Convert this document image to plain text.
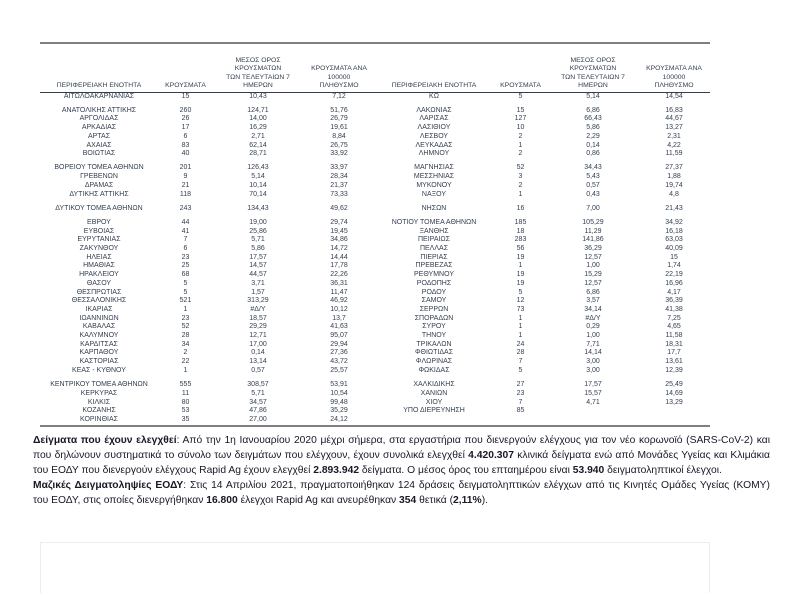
ΠΕΡΙΦΕΡΕΙΑΚΗ ΕΝΟΤΗΤΑ	ΚΡΟΥΣΜΑΤΑ	ΜΕΣΟΣ ΟΡΟΣ ΚΡΟΥΣΜΑΤΩΝ
ΤΩΝ ΤΕΛΕΥΤΑΙΩΝ 7
ΗΜΕΡΩΝ	ΚΡΟΥΣΜΑΤΑ ΑΝΑ 100000
ΠΛΗΘΥΣΜΟ	ΠΕΡΙΦΕΡΕΙΑΚΗ ΕΝΟΤΗΤΑ	ΚΡΟΥΣΜΑΤΑ	ΜΕΣΟΣ ΟΡΟΣ ΚΡΟΥΣΜΑΤΩΝ
ΤΩΝ ΤΕΛΕΥΤΑΙΩΝ 7
ΗΜΕΡΩΝ	ΚΡΟΥΣΜΑΤΑ ΑΝΑ 100000
ΠΛΗΘΥΣΜΟ
ΑΙΤΩΛΟΑΚΑΡΝΑΝΙΑΣ	15	10,43	7,12	ΚΩ	5	5,14	14,54

ΑΝΑΤΟΛΙΚΗΣ ΑΤΤΙΚΗΣ	260	124,71	51,76	ΛΑΚΩΝΙΑΣ	15	6,86	16,83
ΑΡΓΟΛΙΔΑΣ	26	14,00	26,79	ΛΑΡΙΣΑΣ	127	66,43	44,67
ΑΡΚΑΔΙΑΣ	17	16,29	19,61	ΛΑΣΙΘΙΟΥ	10	5,86	13,27
ΑΡΤΑΣ	6	2,71	8,84	ΛΕΣΒΟΥ	2	2,29	2,31
ΑΧΑΪΑΣ	83	62,14	26,75	ΛΕΥΚΑΔΑΣ	1	0,14	4,22
ΒΟΙΩΤΙΑΣ	40	28,71	33,92	ΛΗΜΝΟΥ	2	0,86	11,59

ΒΟΡΕΙΟΥ ΤΟΜΕΑ ΑΘΗΝΩΝ	201	126,43	33,97	ΜΑΓΝΗΣΙΑΣ	52	34,43	27,37
ΓΡΕΒΕΝΩΝ	9	5,14	28,34	ΜΕΣΣΗΝΙΑΣ	3	5,43	1,88
ΔΡΑΜΑΣ	21	10,14	21,37	ΜΥΚΟΝΟΥ	2	0,57	19,74
ΔΥΤΙΚΗΣ ΑΤΤΙΚΗΣ	118	70,14	73,33	ΝΑΞΟΥ	1	0,43	4,8

ΔΥΤΙΚΟΥ ΤΟΜΕΑ ΑΘΗΝΩΝ	243	134,43	49,62	ΝΗΣΩΝ	16	7,00	21,43

ΕΒΡΟΥ	44	19,00	29,74	ΝΟΤΙΟΥ ΤΟΜΕΑ ΑΘΗΝΩΝ	185	105,29	34,92
ΕΥΒΟΙΑΣ	41	25,86	19,45	ΞΑΝΘΗΣ	18	11,29	16,18
ΕΥΡΥΤΑΝΙΑΣ	7	5,71	34,86	ΠΕΙΡΑΙΩΣ	283	141,86	63,03
ΖΑΚΥΝΘΟΥ	6	5,86	14,72	ΠΕΛΛΑΣ	56	36,29	40,09
ΗΛΕΙΑΣ	23	17,57	14,44	ΠΙΕΡΙΑΣ	19	12,57	15
ΗΜΑΘΙΑΣ	25	14,57	17,78	ΠΡΕΒΕΖΑΣ	1	1,00	1,74
ΗΡΑΚΛΕΙΟΥ	68	44,57	22,26	ΡΕΘΥΜΝΟΥ	19	15,29	22,19
ΘΑΣΟΥ	5	3,71	36,31	ΡΟΔΟΠΗΣ	19	12,57	16,96
ΘΕΣΠΡΩΤΙΑΣ	5	1,57	11,47	ΡΟΔΟΥ	5	6,86	4,17
ΘΕΣΣΑΛΟΝΙΚΗΣ	521	313,29	46,92	ΣΑΜΟΥ	12	3,57	36,39
ΙΚΑΡΙΑΣ	1	#Δ/Υ	10,12	ΣΕΡΡΩΝ	73	34,14	41,38
ΙΩΑΝΝΙΝΩΝ	23	18,57	13,7	ΣΠΟΡΑΔΩΝ	1	#Δ/Υ	7,25
ΚΑΒΑΛΑΣ	52	29,29	41,63	ΣΥΡΟΥ	1	0,29	4,65
ΚΑΛΥΜΝΟΥ	28	12,71	95,07	ΤΗΝΟΥ	1	1,00	11,58
ΚΑΡΔΙΤΣΑΣ	34	17,00	29,94	ΤΡΙΚΑΛΩΝ	24	7,71	18,31
ΚΑΡΠΑΘΟΥ	2	0,14	27,36	ΦΘΙΩΤΙΔΑΣ	28	14,14	17,7
ΚΑΣΤΟΡΙΑΣ	22	13,14	43,72	ΦΛΩΡΙΝΑΣ	7	3,00	13,61
ΚΕΑΣ - ΚΥΘΝΟΥ	1	0,57	25,57	ΦΩΚΙΔΑΣ	5	3,00	12,39

ΚΕΝΤΡΙΚΟΥ ΤΟΜΕΑ ΑΘΗΝΩΝ	555	308,57	53,91	ΧΑΛΚΙΔΙΚΗΣ	27	17,57	25,49
ΚΕΡΚΥΡΑΣ	11	5,71	10,54	ΧΑΝΙΩΝ	23	15,57	14,69
ΚΙΛΚΙΣ	80	34,57	99,48	ΧΙΟΥ	7	4,71	13,29
ΚΟΖΑΝΗΣ	53	47,86	35,29	ΥΠΟ ΔΙΕΡΕΥΝΗΣΗ	85		
ΚΟΡΙΝΘΙΑΣ	35	27,00	24,12				

Δείγματα που έχουν ελεγχθεί: Από την 1η Ιανουαρίου 2020 μέχρι σήμερα, στα εργαστήρια που διενεργούν ελέγχους για τον νέο κορωνοϊό (SARS-CoV-2) και που δηλώνουν συστηματικά το σύνολο των δειγμάτων που ελέγχουν, έχουν συνολικά ελεγχθεί 4.420.307 κλινικά δείγματα ενώ από Μονάδες Υγείας και Κλιμάκια του ΕΟΔΥ που διενεργούν ελέγχους Rapid Ag έχουν ελεγχθεί 2.893.942 δείγματα. Ο μέσος όρος του επταημέρου είναι 53.940 δειγματοληπτικοί έλεγχοι.

Μαζικές Δειγματοληψίες ΕΟΔΥ: Στις 14 Απριλίου 2021, πραγματοποιήθηκαν 124 δράσεις δειγματοληπτικών ελέγχων από τις Κινητές Ομάδες Υγείας (ΚΟΜΥ) του ΕΟΔΥ, στις οποίες διενεργήθηκαν 16.800 έλεγχοι Rapid Ag και ανευρέθηκαν 354 θετικά (2,11%).
